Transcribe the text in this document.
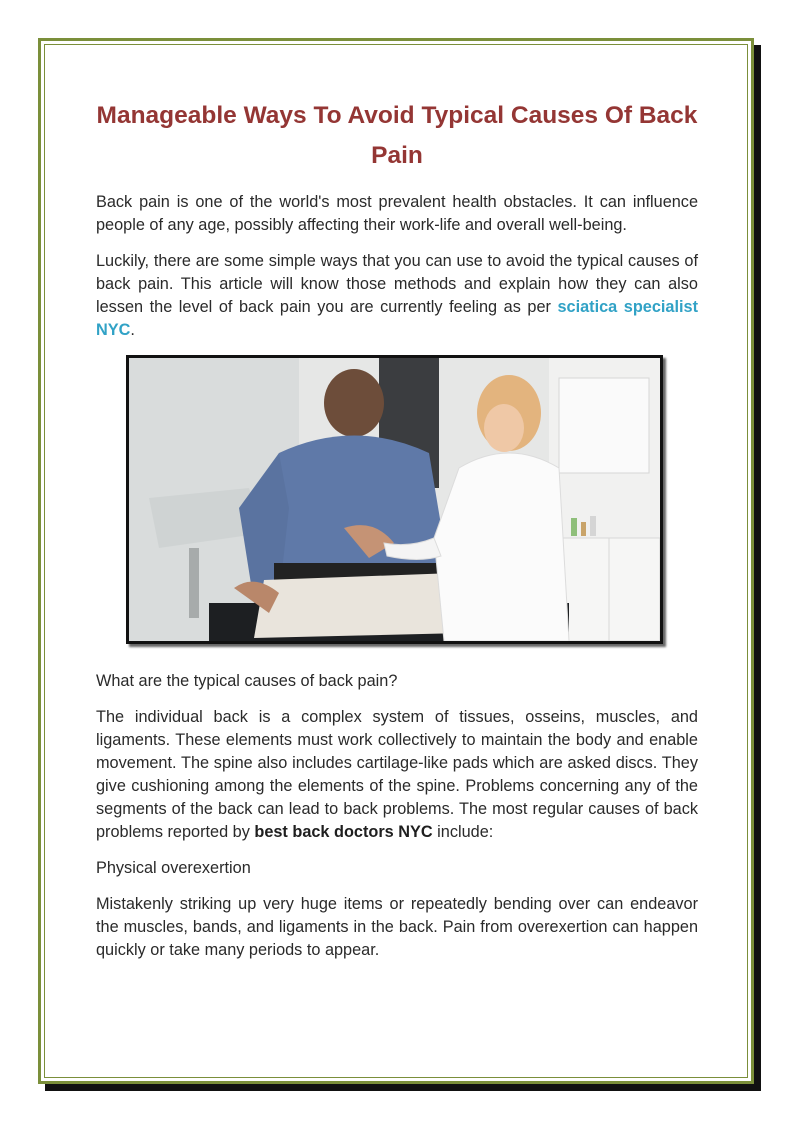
Manageable Ways To Avoid Typical Causes Of Back Pain

Back pain is one of the world's most prevalent health obstacles. It can influence people of any age, possibly affecting their work-life and overall well-being.

Luckily, there are some simple ways that you can use to avoid the typical causes of back pain. This article will know those methods and explain how they can also lessen the level of back pain you are currently feeling as per sciatica specialist NYC.

What are the typical causes of back pain?

The individual back is a complex system of tissues, osseins, muscles, and ligaments. These elements must work collectively to maintain the body and enable movement. The spine also includes cartilage-like pads which are asked discs. They give cushioning among the elements of the spine. Problems concerning any of the segments of the back can lead to back problems. The most regular causes of back problems reported by best back doctors NYC include:

Physical overexertion

Mistakenly striking up very huge items or repeatedly bending over can endeavor the muscles, bands, and ligaments in the back. Pain from overexertion can happen quickly or take many periods to appear.
